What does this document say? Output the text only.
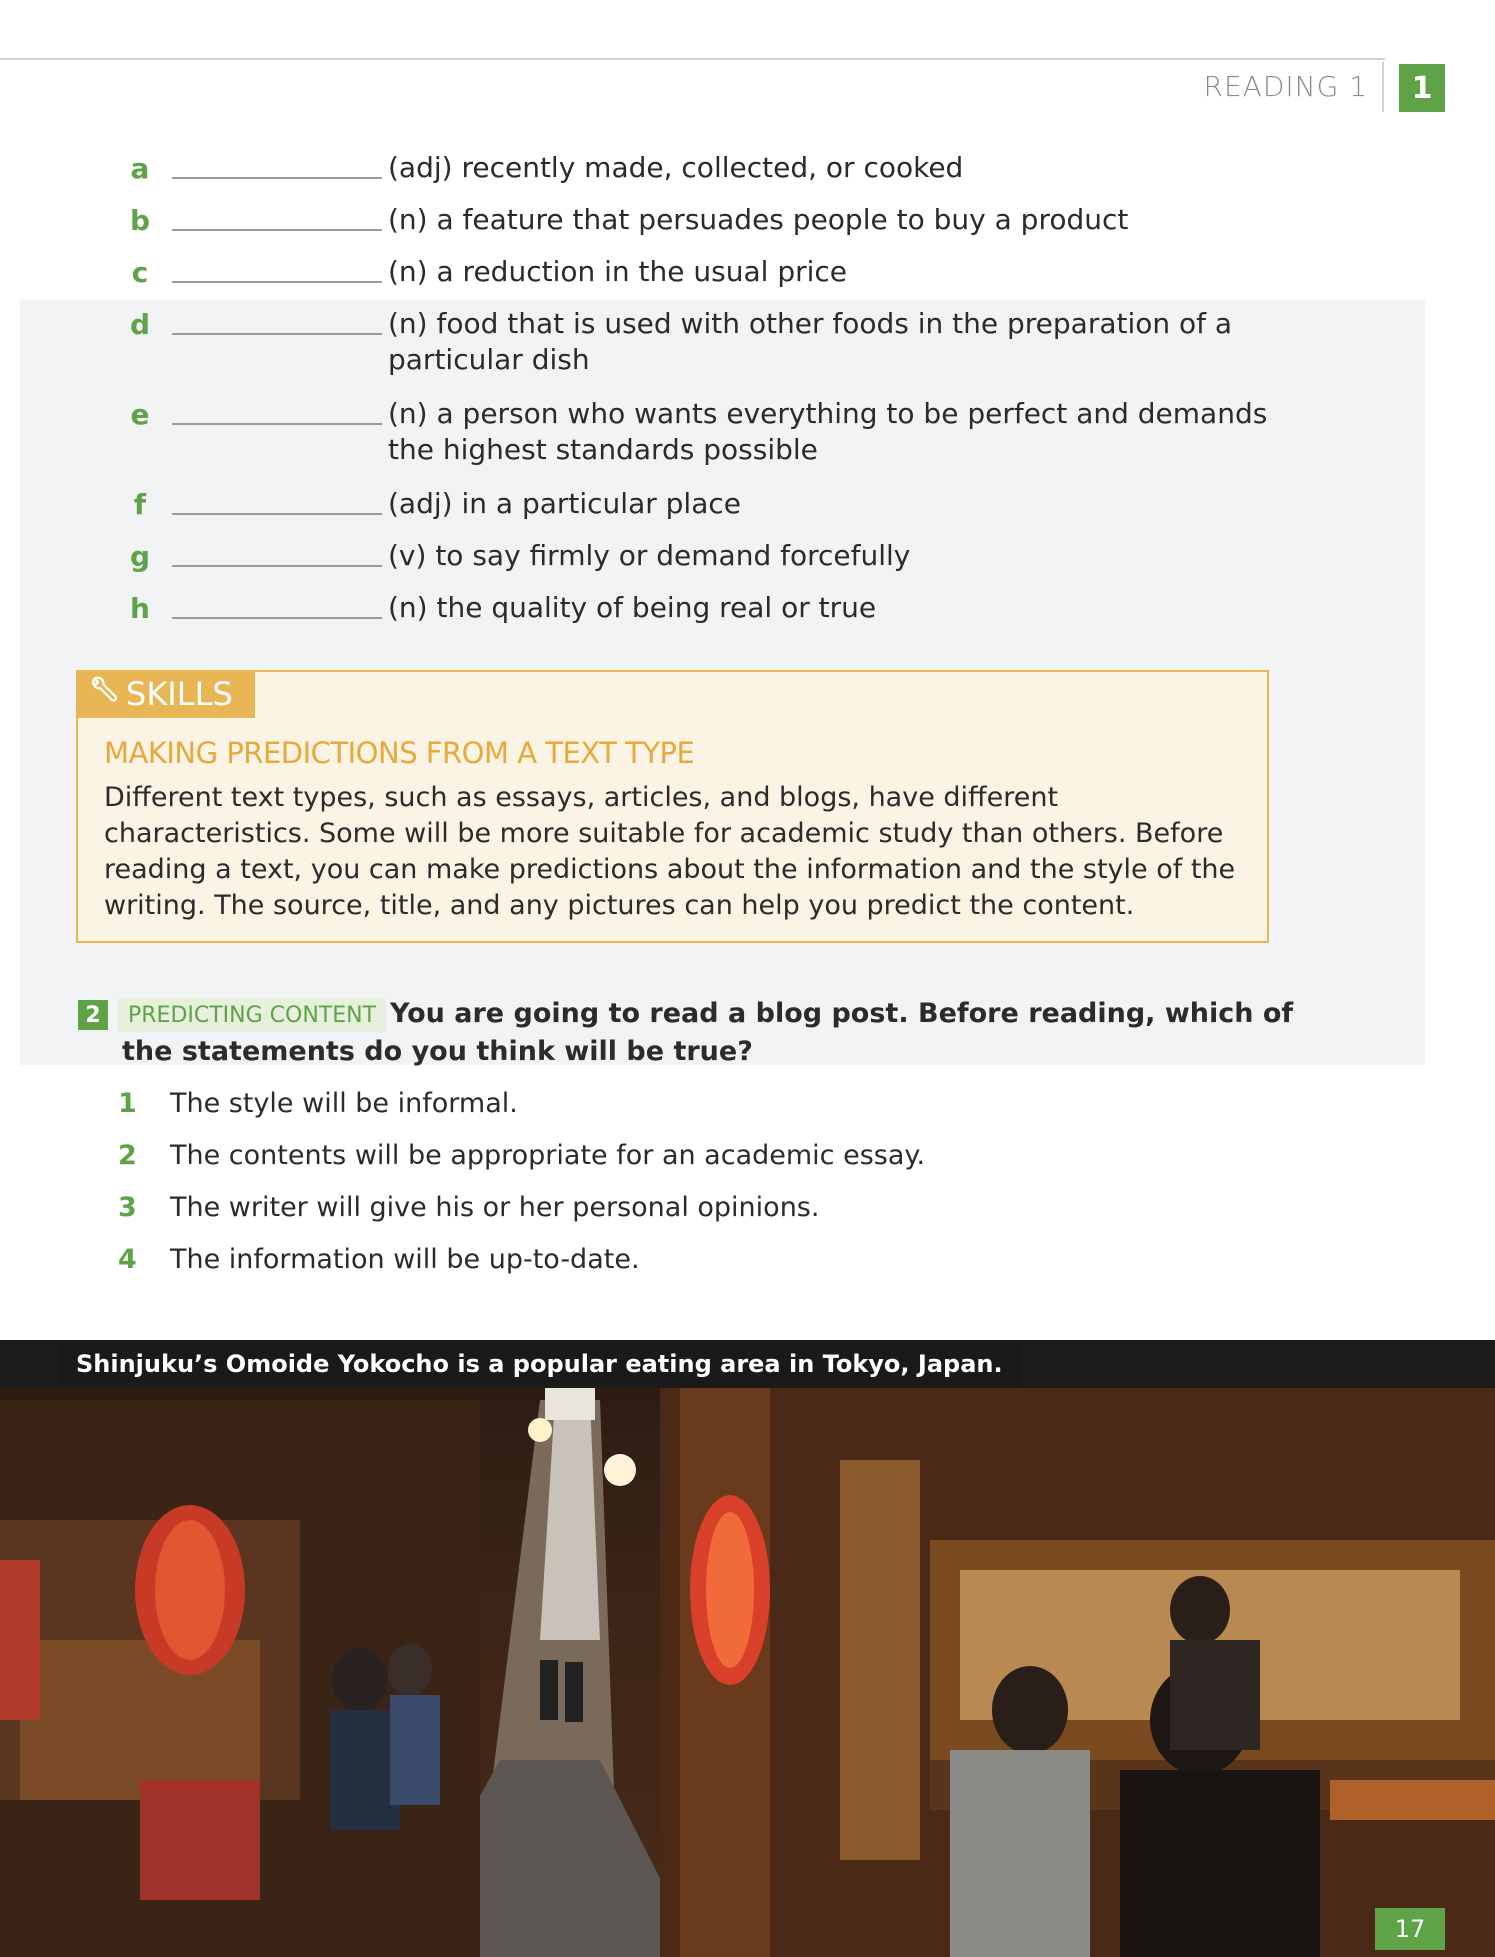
READING 1	1
a	(adj) recently made, collected, or cooked
b	(n) a feature that persuades people to buy a product
c	(n) a reduction in the usual price
d	(n) food that is used with other foods in the preparation of a particular dish
e	(n) a person who wants everything to be perfect and demands the highest standards possible
f	(adj) in a particular place
g	(v) to say firmly or demand forcefully
h	(n) the quality of being real or true
SKILLS
MAKING PREDICTIONS FROM A TEXT TYPE
Different text types, such as essays, articles, and blogs, have different characteristics. Some will be more suitable for academic study than others. Before reading a text, you can make predictions about the information and the style of the writing. The source, title, and any pictures can help you predict the content.
2	PREDICTING CONTENT You are going to read a blog post. Before reading, which of
the statements do you think will be true?
1	The style will be informal.
2	The contents will be appropriate for an academic essay.
3	The writer will give his or her personal opinions.
4	The information will be up-to-date.
Shinjuku’s Omoide Yokocho is a popular eating area in Tokyo, Japan.
17
